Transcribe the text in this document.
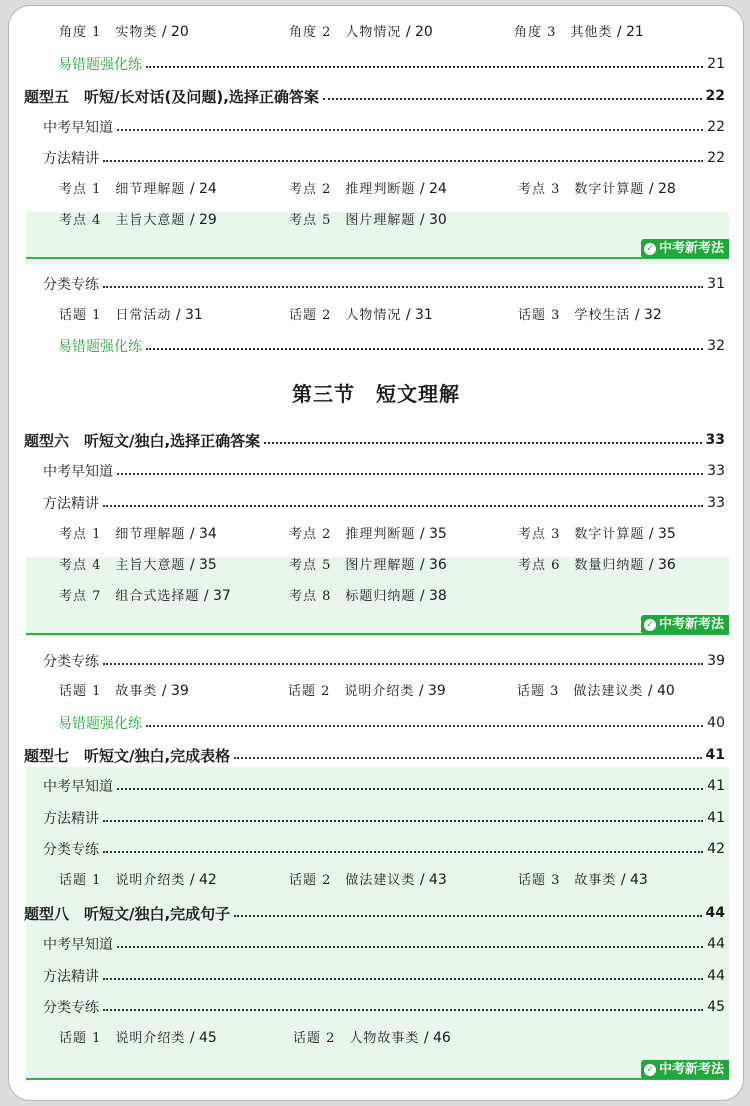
✓ 中考新考法
✓ 中考新考法
✓ 中考新考法
角度 1　实物类 / 20	角度 2　人物情况 / 20	角度 3　其他类 / 21
易错题强化练	21
题型五　听短/长对话(及问题),选择正确答案	22
中考早知道	22
方法精讲	22
考点 1　细节理解题 / 24	考点 2　推理判断题 / 24	考点 3　数字计算题 / 28
考点 4　主旨大意题 / 29	考点 5　图片理解题 / 30
分类专练	31
话题 1　日常活动 / 31	话题 2　人物情况 / 31	话题 3　学校生活 / 32
易错题强化练	32
第三节　短文理解
题型六　听短文/独白,选择正确答案	33
中考早知道	33
方法精讲	33
考点 1　细节理解题 / 34	考点 2　推理判断题 / 35	考点 3　数字计算题 / 35
考点 4　主旨大意题 / 35	考点 5　图片理解题 / 36	考点 6　数量归纳题 / 36
考点 7　组合式选择题 / 37	考点 8　标题归纳题 / 38
分类专练	39
话题 1　故事类 / 39	话题 2　说明介绍类 / 39	话题 3　做法建议类 / 40
易错题强化练	40
题型七　听短文/独白,完成表格	41
中考早知道	41
方法精讲	41
分类专练	42
话题 1　说明介绍类 / 42	话题 2　做法建议类 / 43	话题 3　故事类 / 43
题型八　听短文/独白,完成句子	44
中考早知道	44
方法精讲	44
分类专练	45
话题 1　说明介绍类 / 45	话题 2　人物故事类 / 46
